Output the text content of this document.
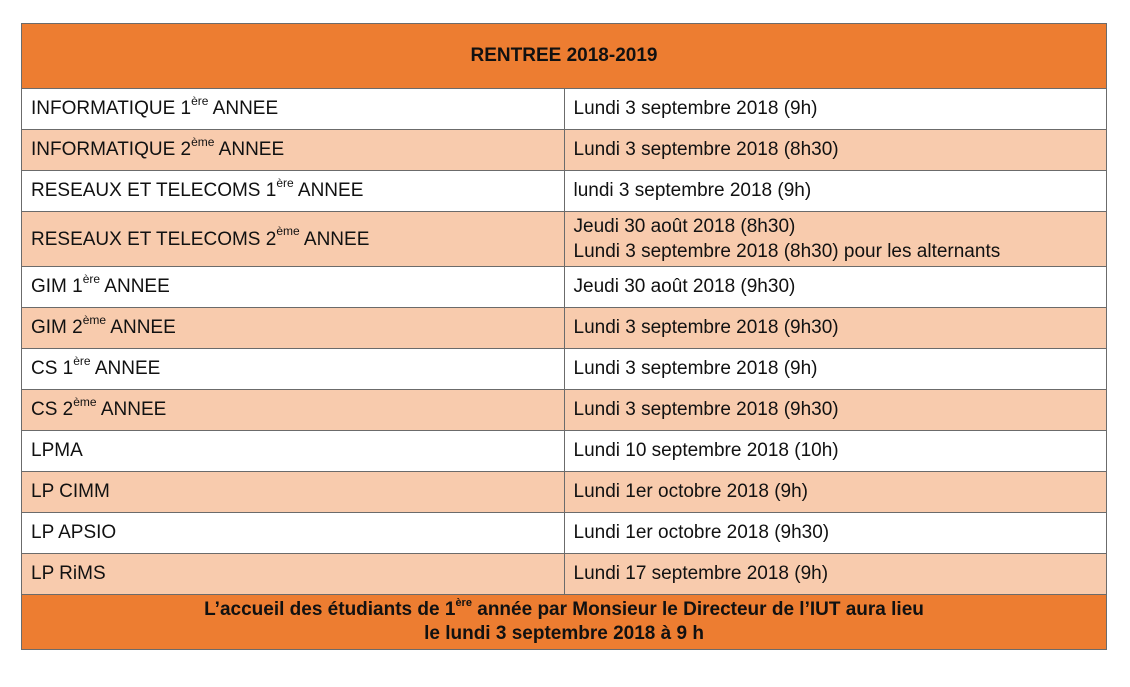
RENTREE 2018-2019	
INFORMATIQUE 1ère ANNEE	Lundi 3 septembre 2018 (9h)

INFORMATIQUE 2ème ANNEE	Lundi 3 septembre 2018 (8h30)

RESEAUX ET TELECOMS 1ère ANNEE	lundi 3 septembre 2018 (9h)

RESEAUX ET TELECOMS 2ème ANNEE	Jeudi 30 août 2018 (8h30)
Lundi 3 septembre 2018 (8h30) pour les alternants

GIM 1ère ANNEE	Jeudi 30 août 2018 (9h30)

GIM 2ème ANNEE	Lundi 3 septembre 2018 (9h30)

CS 1ère ANNEE	Lundi 3 septembre 2018 (9h)

CS 2ème ANNEE	Lundi 3 septembre 2018 (9h30)

LPMA	Lundi 10 septembre 2018 (10h)

LP CIMM	Lundi 1er octobre 2018 (9h)

LP APSIO	Lundi 1er octobre 2018 (9h30)

LP RiMS	Lundi 17 septembre 2018 (9h)

L’accueil des étudiants de 1ère année par Monsieur le Directeur de l’IUT aura lieu
le lundi 3 septembre 2018 à 9 h	
